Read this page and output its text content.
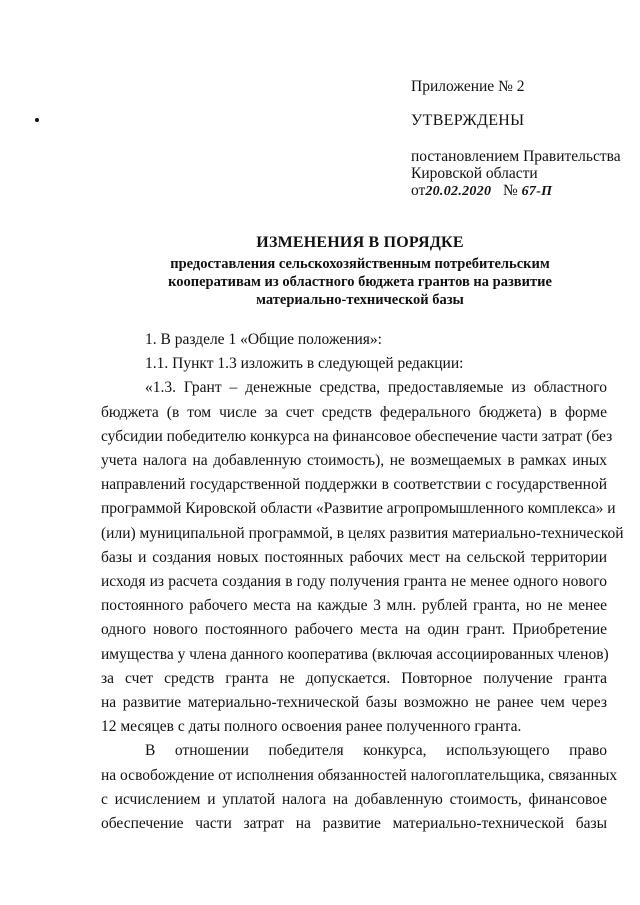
Приложение № 2
УТВЕРЖДЕНЫ
постановлением Правительства
Кировской области
от20.02.2020 № 67-П
ИЗМЕНЕНИЯ В ПОРЯДКЕ
предоставления сельскохозяйственным потребительским
кооперативам из областного бюджета грантов на развитие
материально-технической базы
1. В разделе 1 «Общие положения»:
1.1. Пункт 1.3 изложить в следующей редакции:
«1.3. Грант – денежные средства, предоставляемые из областного
бюджета (в том числе за счет средств федерального бюджета) в форме
субсидии победителю конкурса на финансовое обеспечение части затрат (без
учета налога на добавленную стоимость), не возмещаемых в рамках иных
направлений государственной поддержки в соответствии с государственной
программой Кировской области «Развитие агропромышленного комплекса» и
(или) муниципальной программой, в целях развития материально-технической
базы и создания новых постоянных рабочих мест на сельской территории
исходя из расчета создания в году получения гранта не менее одного нового
постоянного рабочего места на каждые 3 млн. рублей гранта, но не менее
одного нового постоянного рабочего места на один грант. Приобретение
имущества у члена данного кооператива (включая ассоциированных членов)
за счет средств гранта не допускается. Повторное получение гранта
на развитие материально-технической базы возможно не ранее чем через
12 месяцев с даты полного освоения ранее полученного гранта.
В отношении победителя конкурса, использующего право
на освобождение от исполнения обязанностей налогоплательщика, связанных
с исчислением и уплатой налога на добавленную стоимость, финансовое
обеспечение части затрат на развитие материально-технической базы
